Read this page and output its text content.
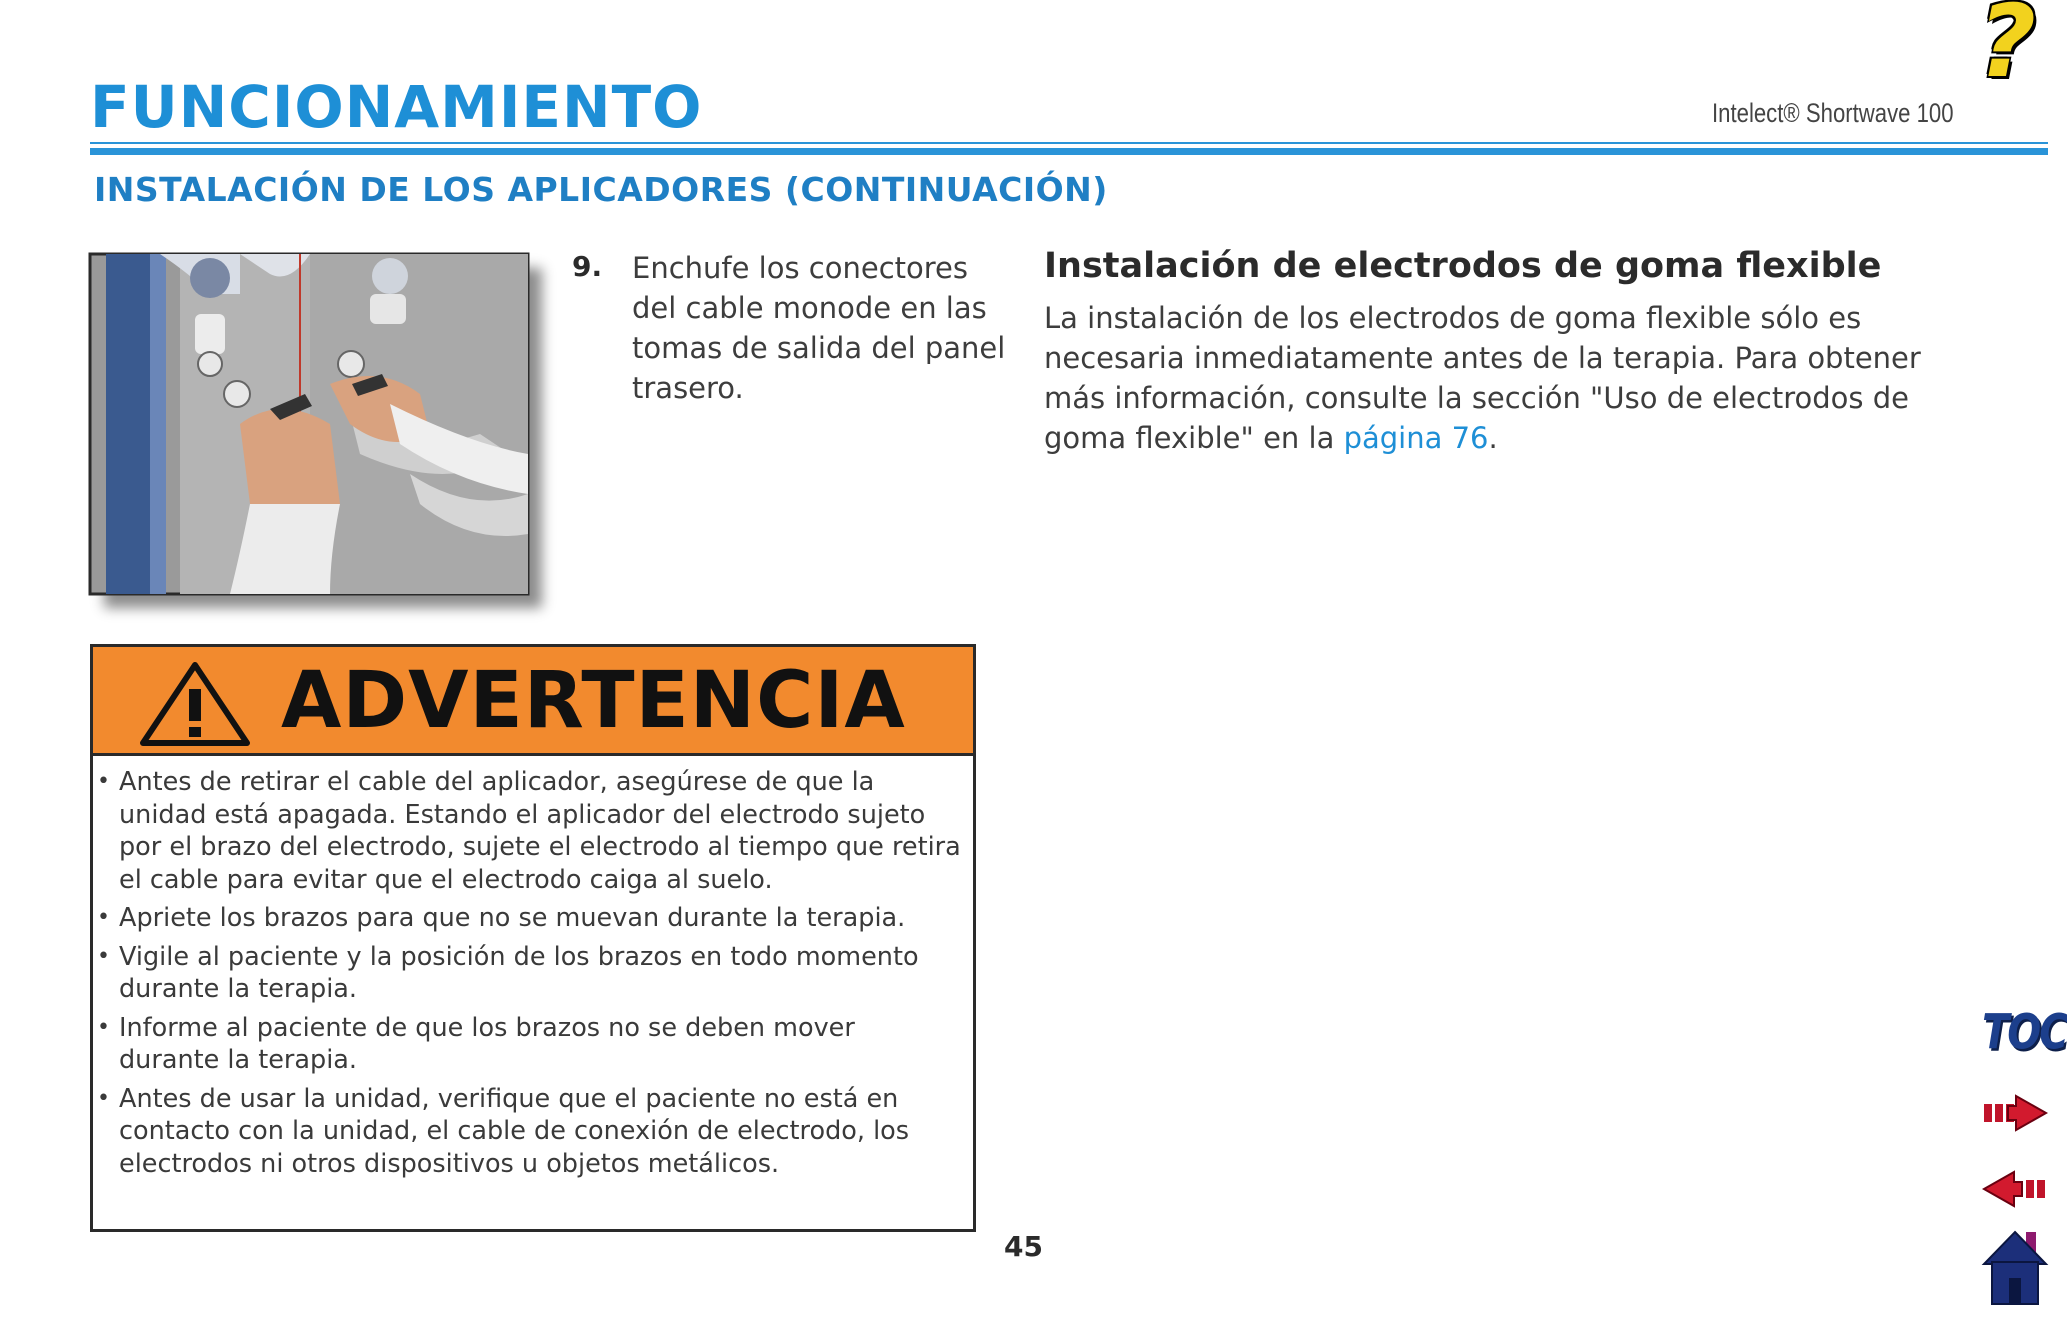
?
FUNCIONAMIENTO	Intelect® Shortwave 100
INSTALACIÓN DE LOS APLICADORES (CONTINUACIÓN)
9. Enchufe los conectores del cable monode en las tomas de salida del panel trasero.

Instalación de electrodos de goma flexible

La instalación de los electrodos de goma flexible sólo es necesaria inmediatamente antes de la terapia. Para obtener más información, consulte la sección "Uso de electrodos de goma flexible" en la página 76.

ADVERTENCIA
• Antes de retirar el cable del aplicador, asegúrese de que la unidad está apagada. Estando el aplicador del electrodo sujeto por el brazo del electrodo, sujete el electrodo al tiempo que retira el cable para evitar que el electrodo caiga al suelo.
• Apriete los brazos para que no se muevan durante la terapia.
• Vigile al paciente y la posición de los brazos en todo momento durante la terapia.
• Informe al paciente de que los brazos no se deben mover durante la terapia.
• Antes de usar la unidad, verifique que el paciente no está en contacto con la unidad, el cable de conexión de electrodo, los electrodos ni otros dispositivos u objetos metálicos.
45
TOC
